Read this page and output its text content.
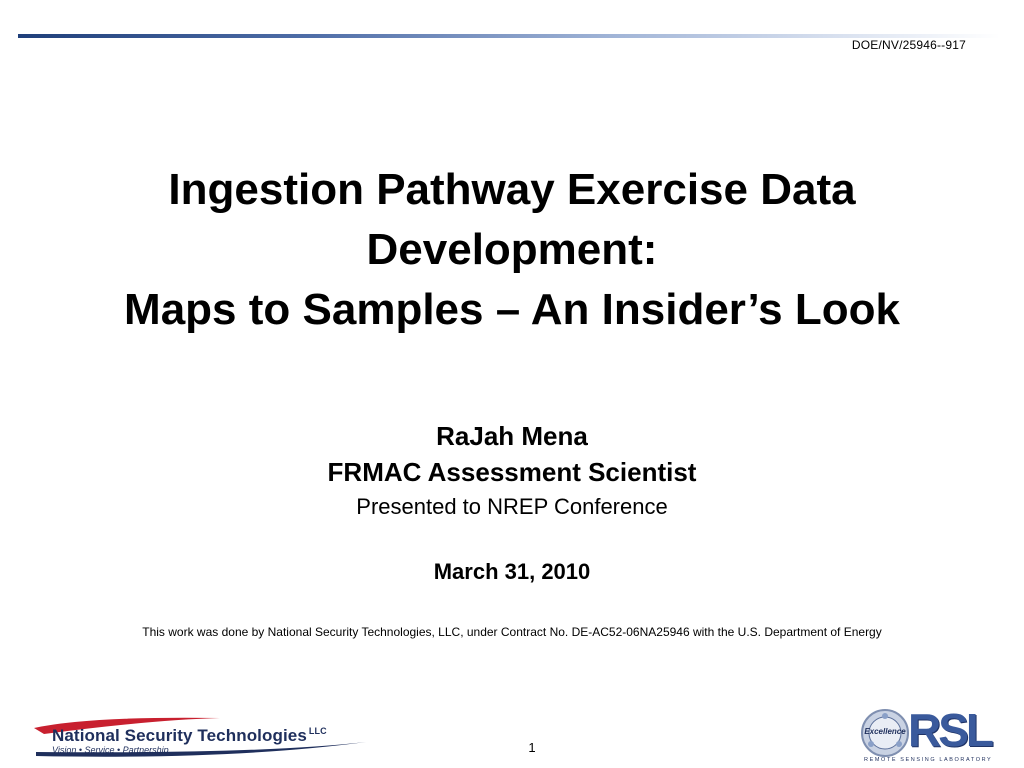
DOE/NV/25946--917
Ingestion Pathway Exercise Data
Development:
Maps to Samples – An Insider’s Look
RaJah Mena
FRMAC Assessment Scientist
Presented to NREP Conference
March 31, 2010
This work was done by National Security Technologies, LLC, under Contract No. DE-AC52-06NA25946 with the U.S. Department of Energy
National Security Technologies $^{LLC}$
Vision • Service • Partnership	1
Excellence RSL
REMOTE SENSING LABORATORY
